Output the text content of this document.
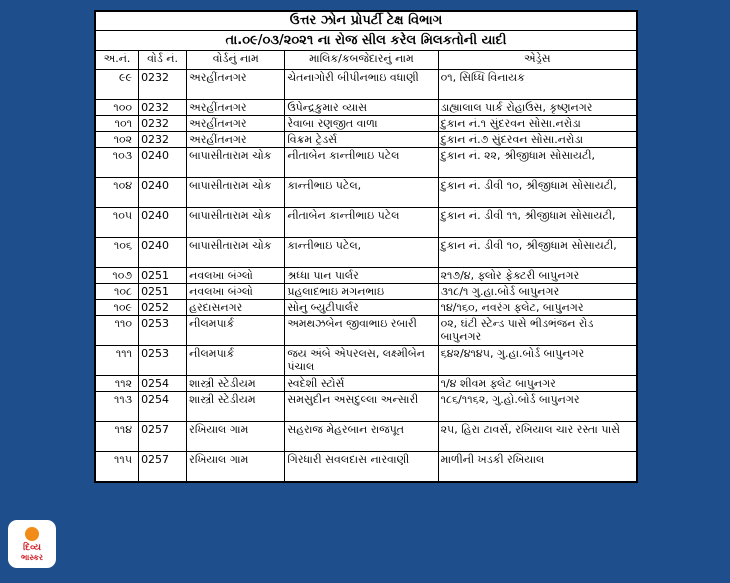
ઉત્તર ઝોન પ્રોપર્ટી ટેક્ષ વિભાગ				
તા.૦૯/૦૩/૨૦૨૧ ના રોજ સીલ કરેલ મિલકતોની યાદી				
અ.નં.	વોર્ડ નં.	વોર્ડનું નામ	માલિક/કબજેદારનું નામ	એડ્રેસ
૯૯	0232	અરહીંતનગર	ચેતનાગોરી બીપીનભાઇ વધાણી	૦૧, સિધ્ધિ વિનાયક
૧૦૦	0232	અરહીંતનગર	ઉપેન્દ્રકુમાર વ્યાસ	ડાહ્યાલાલ પાર્ક રોહાઉસ, કૃષ્ણનગર
૧૦૧	0232	અરહીંતનગર	રેવાબા રણજીત વાળા	દુકાન નં.૧ સુંદરવન સોસા.નરોડા
૧૦૨	0232	અરહીંતનગર	વિક્રમ ટ્રેડર્સ	દુકાન નં.૭ સુંદરવન સોસા.નરોડા
૧૦૩	0240	બાપાસીતારામ ચોક	નીતાબેન કાન્તીભાઇ પટેલ	દુકાન નં. ૨૨, શ્રીજીધામ સોસાયટી,
૧૦૪	0240	બાપાસીતારામ ચોક	કાન્તીભાઇ પટેલ,	દુકાન નં. ડીવી ૧૦, શ્રીજીધામ સોસાયટી,
૧૦૫	0240	બાપાસીતારામ ચોક	નીતાબેન કાન્તીભાઇ પટેલ	દુકાન નં. ડીવી ૧૧, શ્રીજીધામ સોસાયટી,
૧૦૬	0240	બાપાસીતારામ ચોક	કાન્તીભાઇ પટેલ,	દુકાન નં. ડીવી ૧૦, શ્રીજીધામ સોસાયટી,
૧૦૭	0251	નવલખા બંગ્લો	શ્રધ્ધા પાન પાર્લર	૨૧૭/૪, ફ્લોર ફેક્ટરી બાપુનગર
૧૦૮	0251	નવલખા બંગ્લો	પ્રહલાદભાઇ મગનભાઇ	૩૧૮/૧ ગુ.હા.બોર્ડ બાપુનગર
૧૦૯	0252	હરદાસનગર	સોનુ બ્યુટીપાર્લર	૧૪/૧૬૦, નવરંગ ફ્લેટ, બાપુનગર
૧૧૦	0253	નીલમપાર્ક	અમથઝબેન જીવાભાઇ રબારી	૦૨, ઘંટી સ્ટેન્ડ પાસે ભીડભંજન રોડ બાપુનગર
૧૧૧	0253	નીલમપાર્ક	જય અંબે એપરલસ, લક્ષ્મીબેન પંચાલ	૬૪૨/૪૧૪૫, ગુ.હા.બોર્ડ બાપુનગર
૧૧૨	0254	શાસ્ત્રી સ્ટેડીયમ	સ્વદેશી સ્ટોર્સ	૧/૪ શીવમ ફ્લેટ બાપુનગર
૧૧૩	0254	શાસ્ત્રી સ્ટેડીયમ	સમસુદીન અસદુલ્લા અન્સારી	૧૮૬/૧૧૬૨, ગુ.હો.બોર્ડ બાપુનગર
૧૧૪	0257	રખિયાલ ગામ	સહરાજ મેહરબાન રાજપૂત	૨૫, હિરા ટાવર્સ, રખિયાલ ચાર રસ્તા પાસે
૧૧૫	0257	રખિયાલ ગામ	ગિરધારી સવલદાસ નારવાણી	માળીની ખડકી રખિયાલ
દિવ્ય
ભાસ્કર
